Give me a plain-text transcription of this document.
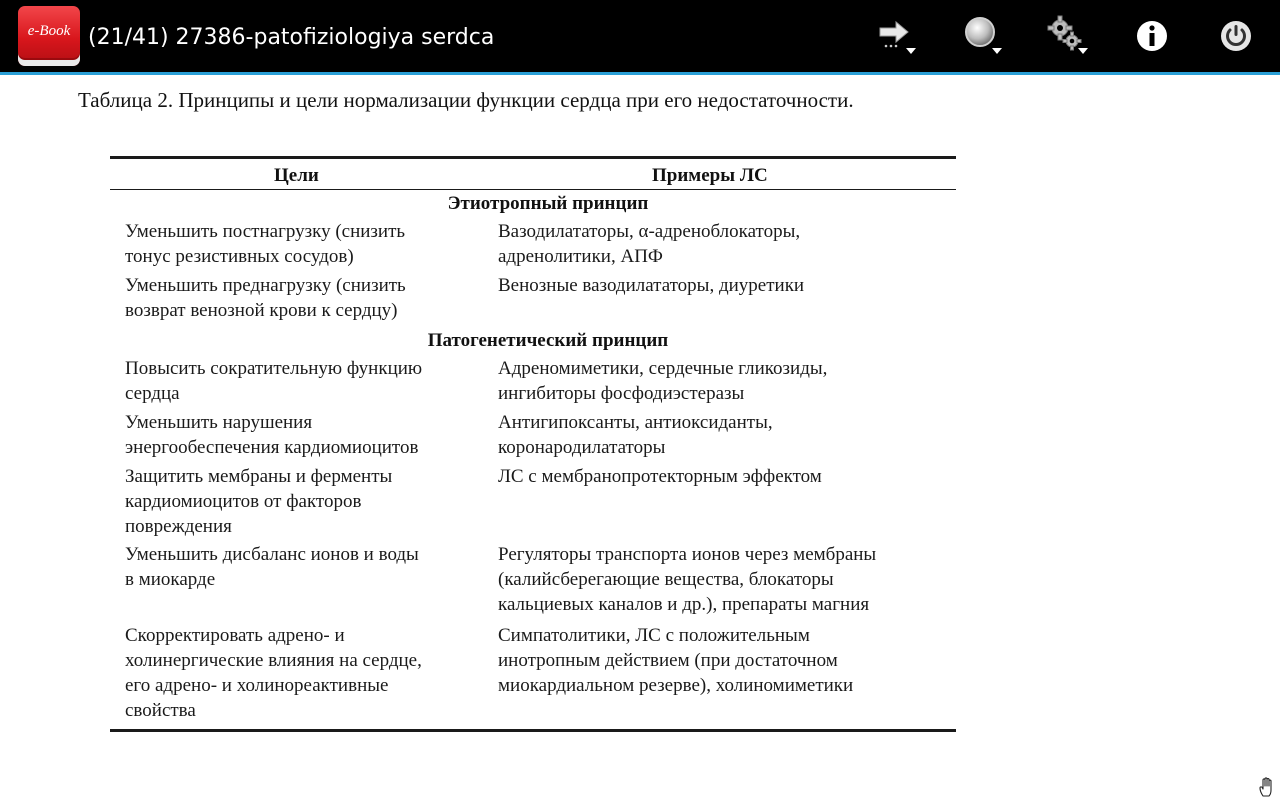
e-Book (21/41) 27386-patofiziologiya serdca
Таблица 2. Принципы и цели нормализации функции сердца при его недостаточности.
Цели	Примеры ЛС
Этиотропный принцип
Уменьшить постнагрузку (снизить
тонус резистивных сосудов)
Вазодилататоры, α-адреноблокаторы,
адренолитики, АПФ
Уменьшить преднагрузку (снизить
возврат венозной крови к сердцу)
Венозные вазодилататоры, диуретики
Патогенетический принцип
Повысить сократительную функцию
сердца
Адреномиметики, сердечные гликозиды,
ингибиторы фосфодиэстеразы
Уменьшить нарушения
энергообеспечения кардиомиоцитов
Антигипоксанты, антиоксиданты,
коронародилататоры
Защитить мембраны и ферменты
кардиомиоцитов от факторов
повреждения
ЛС с мембранопротекторным эффектом
Уменьшить дисбаланс ионов и воды
в миокарде
Регуляторы транспорта ионов через мембраны
(калийсберегающие вещества, блокаторы
кальциевых каналов и др.), препараты магния
Скорректировать адрено- и
холинергические влияния на сердце,
его адрено- и холинореактивные
свойства
Симпатолитики, ЛС с положительным
инотропным действием (при достаточном
миокардиальном резерве), холиномиметики
